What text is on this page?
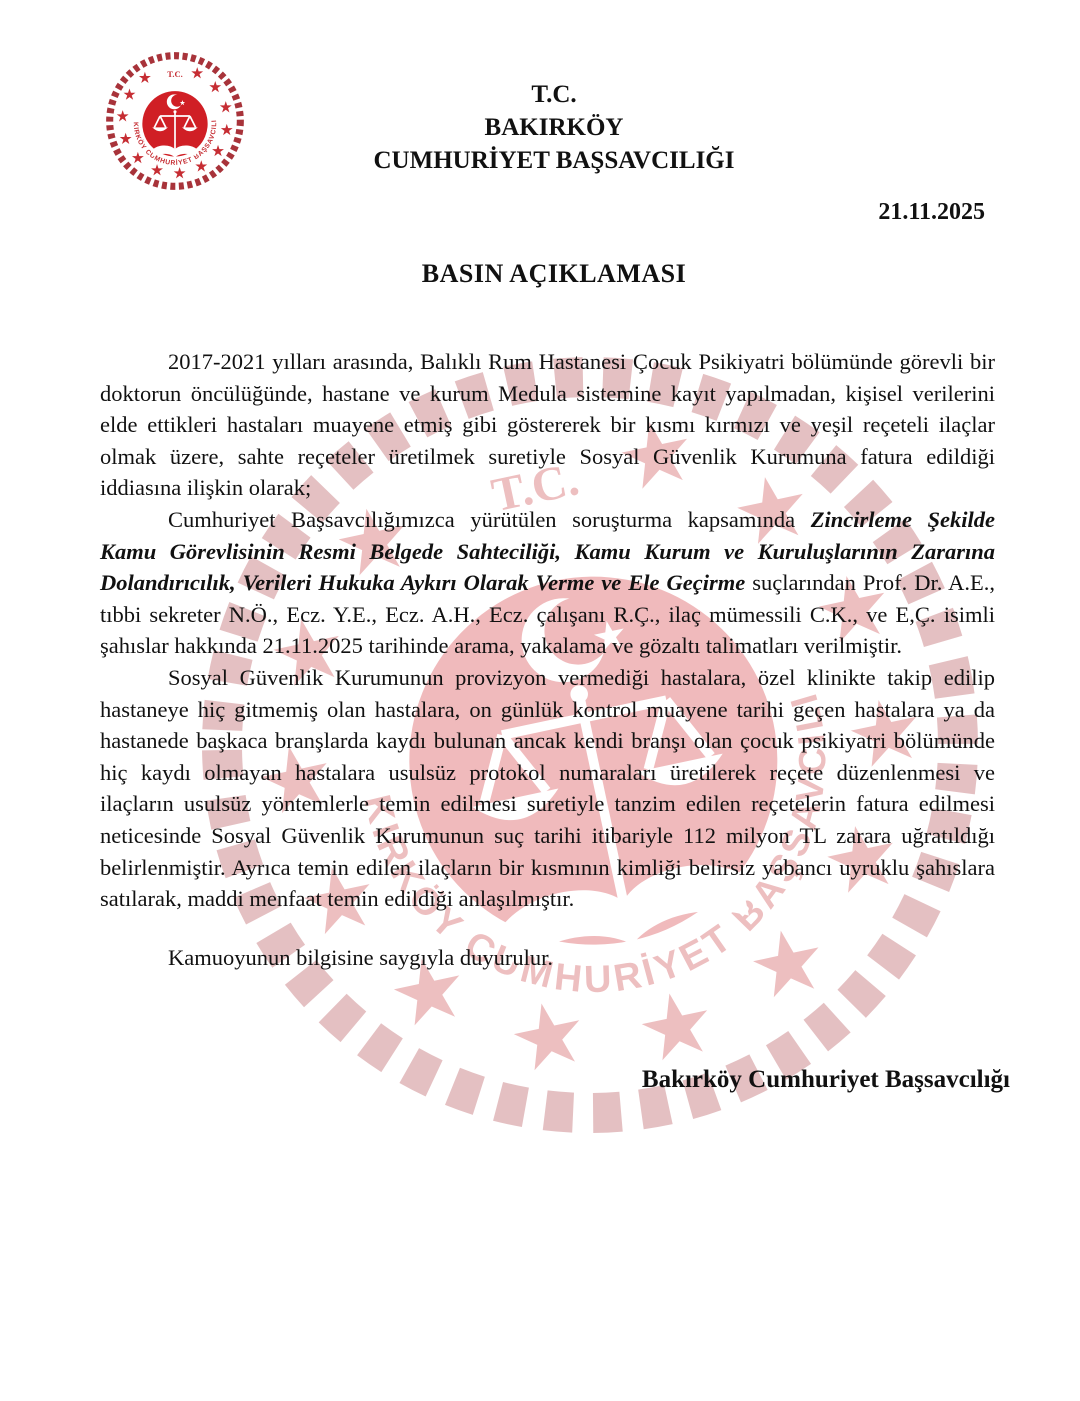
T.C.
BAKIRKÖY
CUMHURİYET BAŞSAVCILIĞI
21.11.2025
BASIN AÇIKLAMASI

2017-2021 yılları arasında, Balıklı Rum Hastanesi Çocuk Psikiyatri bölümünde görevli bir doktorun öncülüğünde, hastane ve kurum Medula sistemine kayıt yapılmadan, kişisel verilerini elde ettikleri hastaları muayene etmiş gibi göstererek bir kısmı kırmızı ve yeşil reçeteli ilaçlar olmak üzere, sahte reçeteler üretilmek suretiyle Sosyal Güvenlik Kurumuna fatura edildiği iddiasına ilişkin olarak;

Cumhuriyet Başsavcılığımızca yürütülen soruşturma kapsamında Zincirleme Şekilde Kamu Görevlisinin Resmi Belgede Sahteciliği, Kamu Kurum ve Kuruluşlarının Zararına Dolandırıcılık, Verileri Hukuka Aykırı Olarak Verme ve Ele Geçirme suçlarından Prof. Dr. A.E., tıbbi sekreter N.Ö., Ecz. Y.E., Ecz. A.H., Ecz. çalışanı R.Ç., ilaç mümessili C.K., ve E,Ç. isimli şahıslar hakkında 21.11.2025 tarihinde arama, yakalama ve gözaltı talimatları verilmiştir.

Sosyal Güvenlik Kurumunun provizyon vermediği hastalara, özel klinikte takip edilip hastaneye hiç gitmemiş olan hastalara, on günlük kontrol muayene tarihi geçen hastalara ya da hastanede başkaca branşlarda kaydı bulunan ancak kendi branşı olan çocuk psikiyatri bölümünde hiç kaydı olmayan hastalara usulsüz protokol numaraları üretilerek reçete düzenlenmesi ve ilaçların usulsüz yöntemlerle temin edilmesi suretiyle tanzim edilen reçetelerin fatura edilmesi neticesinde Sosyal Güvenlik Kurumunun suç tarihi itibariyle 112 milyon TL zarara uğratıldığı belirlenmiştir. Ayrıca temin edilen ilaçların bir kısmının kimliği belirsiz yabancı uyruklu şahıslara satılarak, maddi menfaat temin edildiği anlaşılmıştır.

Kamuoyunun bilgisine saygıyla duyurulur.

Bakırköy Cumhuriyet Başsavcılığı
